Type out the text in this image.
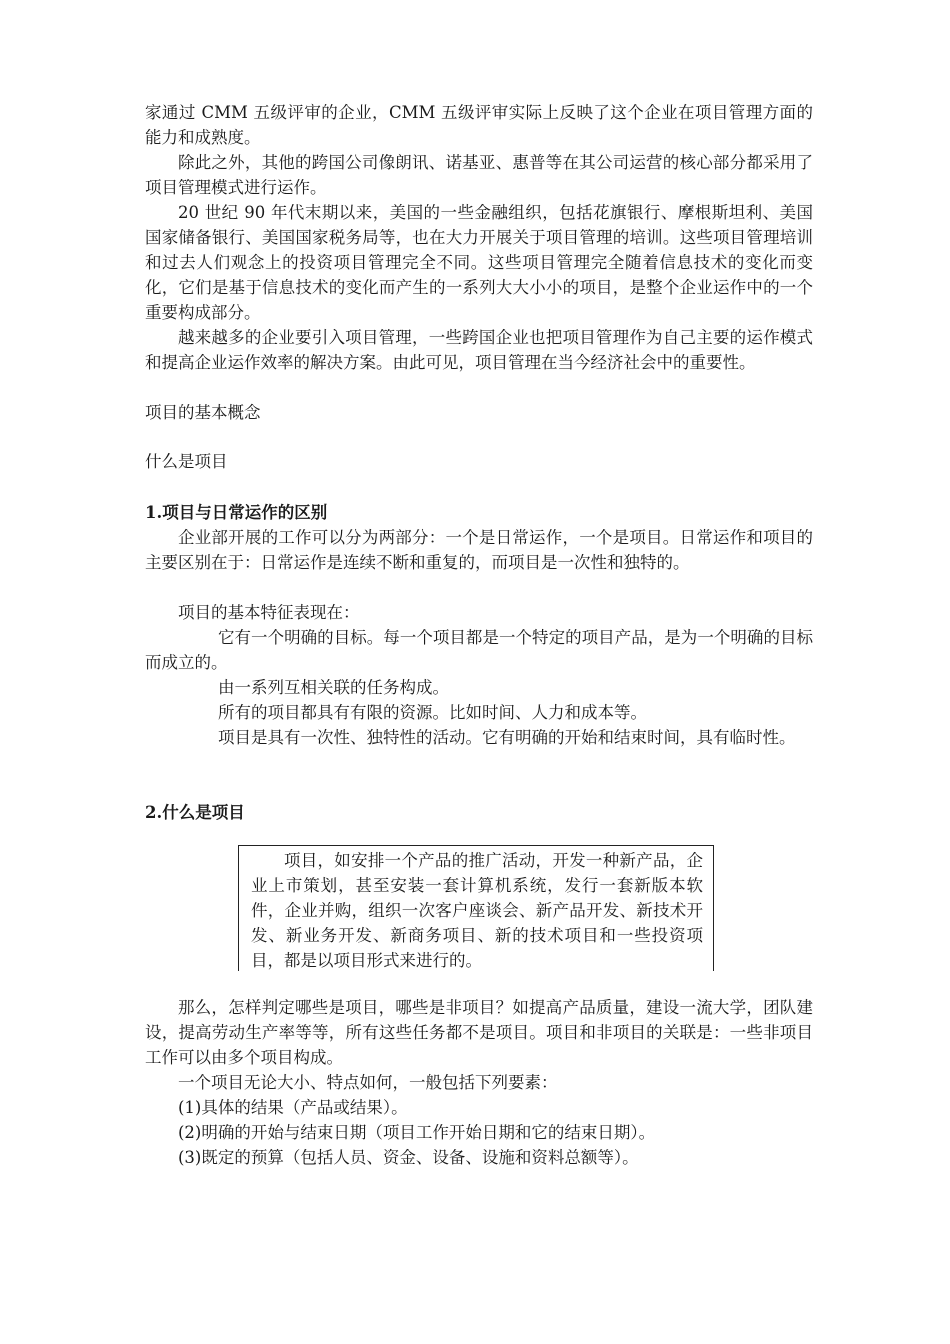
家通过 CMM 五级评审的企业，CMM 五级评审实际上反映了这个企业在项目管理方面的能力和成熟度。

除此之外，其他的跨国公司像朗讯、诺基亚、惠普等在其公司运营的核心部分都采用了项目管理模式进行运作。

20 世纪 90 年代末期以来，美国的一些金融组织，包括花旗银行、摩根斯坦利、美国国家储备银行、美国国家税务局等，也在大力开展关于项目管理的培训。这些项目管理培训和过去人们观念上的投资项目管理完全不同。这些项目管理完全随着信息技术的变化而变化，它们是基于信息技术的变化而产生的一系列大大小小的项目，是整个企业运作中的一个重要构成部分。

越来越多的企业要引入项目管理，一些跨国企业也把项目管理作为自己主要的运作模式和提高企业运作效率的解决方案。由此可见，项目管理在当今经济社会中的重要性。

项目的基本概念

什么是项目

1.项目与日常运作的区别

企业部开展的工作可以分为两部分：一个是日常运作，一个是项目。日常运作和项目的主要区别在于：日常运作是连续不断和重复的，而项目是一次性和独特的。

项目的基本特征表现在：

它有一个明确的目标。每一个项目都是一个特定的项目产品，是为一个明确的目标而成立的。

由一系列互相关联的任务构成。

所有的项目都具有有限的资源。比如时间、人力和成本等。

项目是具有一次性、独特性的活动。它有明确的开始和结束时间，具有临时性。

2.什么是项目

项目，如安排一个产品的推广活动，开发一种新产品，企业上市策划，甚至安装一套计算机系统，发行一套新版本软件，企业并购，组织一次客户座谈会、新产品开发、新技术开发、新业务开发、新商务项目、新的技术项目和一些投资项目，都是以项目形式来进行的。

那么，怎样判定哪些是项目，哪些是非项目？如提高产品质量，建设一流大学，团队建设，提高劳动生产率等等，所有这些任务都不是项目。项目和非项目的关联是：一些非项目工作可以由多个项目构成。

一个项目无论大小、特点如何，一般包括下列要素：

(1)具体的结果（产品或结果）。

(2)明确的开始与结束日期（项目工作开始日期和它的结束日期）。

(3)既定的预算（包括人员、资金、设备、设施和资料总额等）。
